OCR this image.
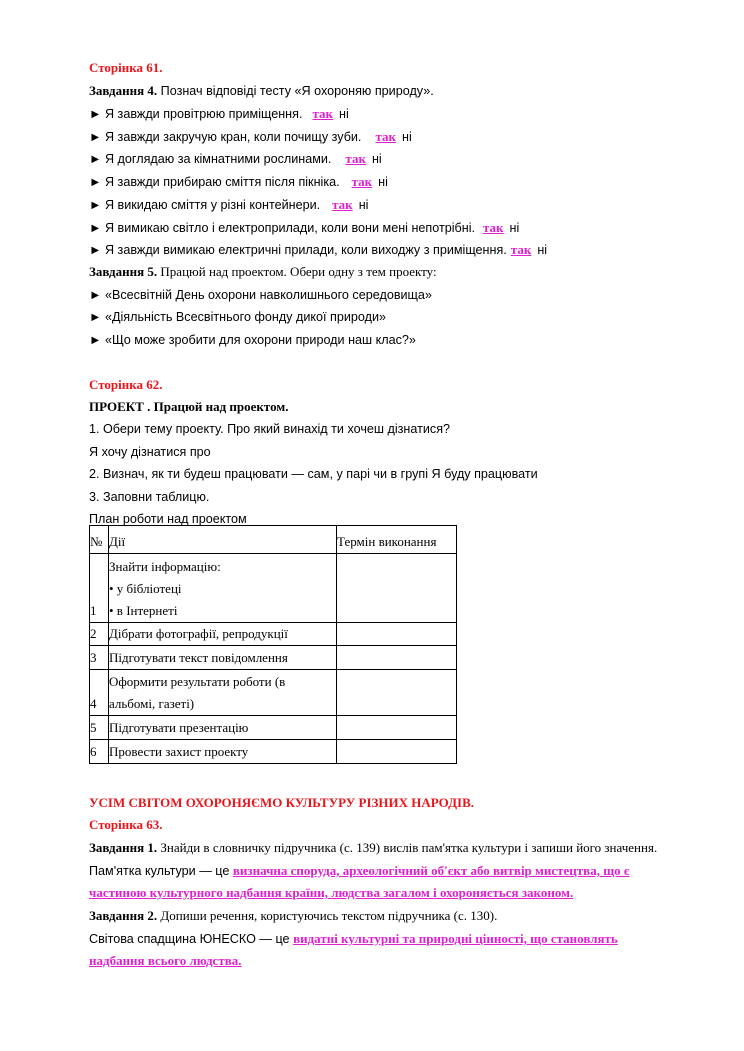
Сторінка 61.
Завдання 4. Познач відповіді тесту «Я охороняю природу».
► Я завжди провітрюю приміщення. так ні
► Я завжди закручую кран, коли почищу зуби. так ні
► Я доглядаю за кімнатними рослинами. так ні
► Я завжди прибираю сміття після пікніка. так ні
► Я викидаю сміття у різні контейнери. так ні
► Я вимикаю світло і електроприлади, коли вони мені непотрібні. так ні
► Я завжди вимикаю електричні прилади, коли виходжу з приміщення. так ні
Завдання 5. Працюй над проектом. Обери одну з тем проекту:
► «Всесвітній День охорони навколишнього середовища»
► «Діяльність Всесвітнього фонду дикої природи»
► «Що може зробити для охорони природи наш клас?»
Сторінка 62.
ПРОЕКТ . Працюй над проектом.
1. Обери тему проекту. Про який винахід ти хочеш дізнатися?
Я хочу дізнатися про
2. Визнач, як ти будеш працювати — сам, у парі чи в групі Я буду працювати
3. Заповни таблицю.
План роботи над проектом
№	Дії	Термін виконання
1	Знайти інформацію:
• у бібліотеці
• в Інтернеті	

2	Дібрати фотографії, репродукції	
3	Підготувати текст повідомлення	
4	Оформити результати роботи (в
альбомі, газеті)	

5	Підготувати презентацію	
6	Провести захист проекту	
УСІМ СВІТОМ ОХОРОНЯЄМО КУЛЬТУРУ РІЗНИХ НАРОДІВ.
Сторінка 63.
Завдання 1. Знайди в словничку підручника (с. 139) вислів пам'ятка культури і запиши його значення.
Пам'ятка культури — це визначна споруда, археологічний об'єкт або витвір мистецтва, що є
частиною культурного надбання країни, людства загалом і охороняється законом.
Завдання 2. Допиши речення, користуючись текстом підручника (с. 130).
Світова спадщина ЮНЕСКО — це видатні культурні та природні цінності, що становлять
надбання всього людства.
